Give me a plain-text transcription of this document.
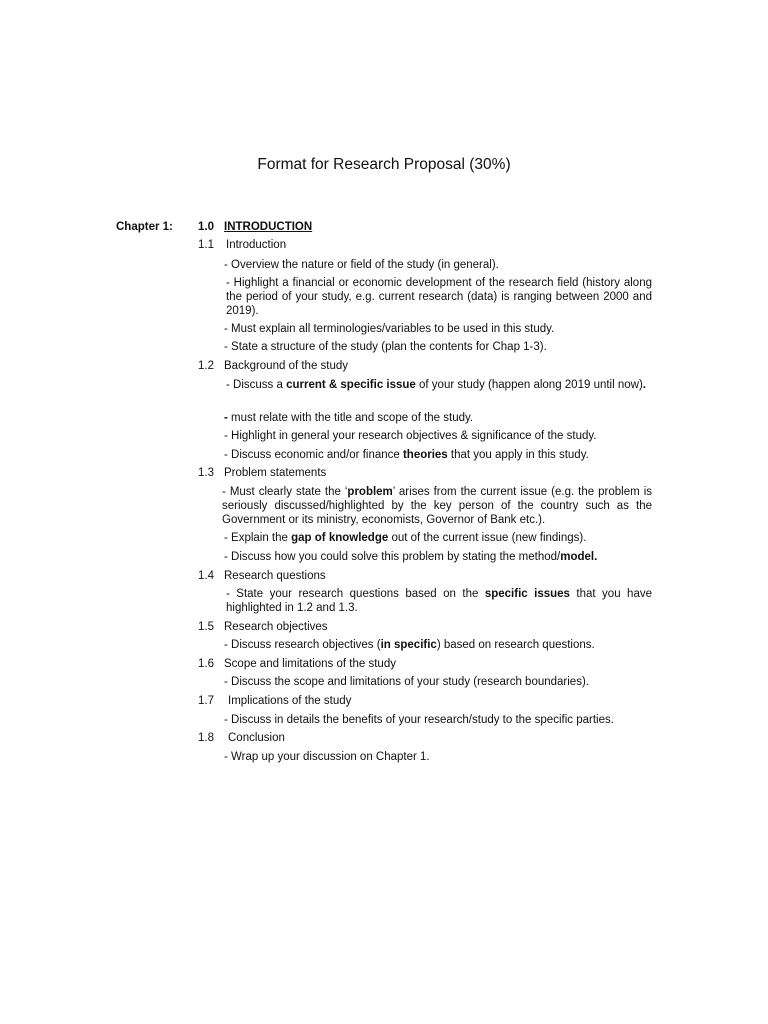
Format for Research Proposal (30%)
Chapter 1: 1.0 INTRODUCTION
1.1 Introduction
- Overview the nature or field of the study (in general).
- Highlight a financial or economic development of the research field (history along the period of your study, e.g. current research (data) is ranging between 2000 and 2019).
- Must explain all terminologies/variables to be used in this study.
- State a structure of the study (plan the contents for Chap 1-3).
1.2 Background of the study
- Discuss a current & specific issue of your study (happen along 2019 until now).
- must relate with the title and scope of the study.
- Highlight in general your research objectives & significance of the study.
- Discuss economic and/or finance theories that you apply in this study.
1.3 Problem statements
- Must clearly state the ‘problem’ arises from the current issue (e.g. the problem is seriously discussed/highlighted by the key person of the country such as the Government or its ministry, economists, Governor of Bank etc.).
- Explain the gap of knowledge out of the current issue (new findings).
- Discuss how you could solve this problem by stating the method/model.
1.4 Research questions
- State your research questions based on the specific issues that you have highlighted in 1.2 and 1.3.
1.5 Research objectives
- Discuss research objectives (in specific) based on research questions.
1.6 Scope and limitations of the study
- Discuss the scope and limitations of your study (research boundaries).
1.7 Implications of the study
- Discuss in details the benefits of your research/study to the specific parties.
1.8 Conclusion
- Wrap up your discussion on Chapter 1.
